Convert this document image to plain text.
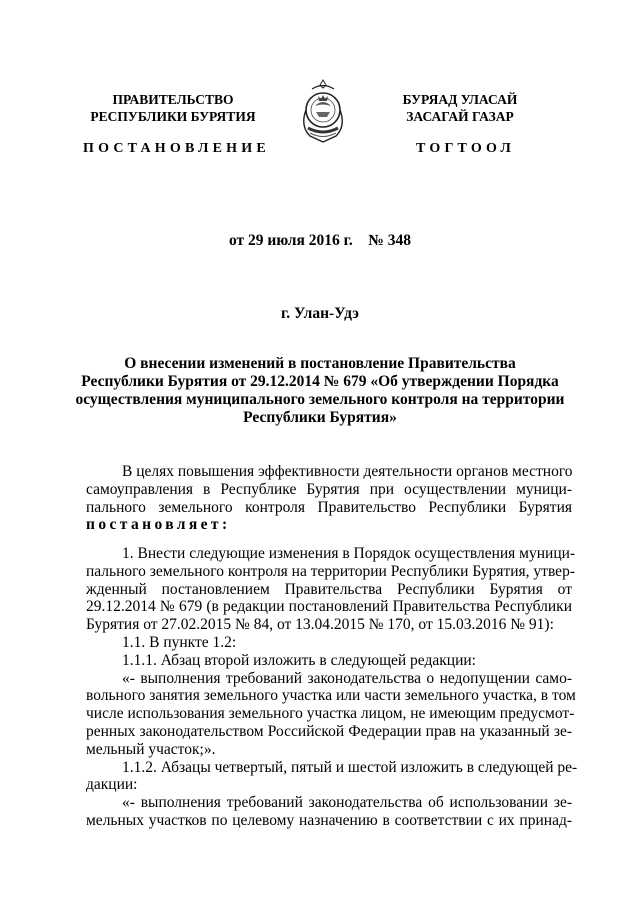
ПРАВИТЕЛЬСТВО
РЕСПУБЛИКИ БУРЯТИЯ
БУРЯАД УЛАСАЙ
ЗАСАГАЙ ГАЗАР
ПОСТАНОВЛЕНИЕ	ТОГТООЛ
от 29 июля 2016 г.    № 348
г. Улан-Удэ
О внесении изменений в постановление Правительства
Республики Бурятия от 29.12.2014 № 679 «Об утверждении Порядка
осуществления муниципального земельного контроля на территории
Республики Бурятия»
В целях повышения эффективности деятельности органов местного
самоуправления в Республике Бурятия при осуществлении муници-
пального земельного контроля Правительство Республики Бурятия
постановляет:
1. Внести следующие изменения в Порядок осуществления муници-
пального земельного контроля на территории Республики Бурятия, утвер-
жденный постановлением Правительства Республики Бурятия от
29.12.2014 № 679 (в редакции постановлений Правительства Республики
Бурятия от 27.02.2015 № 84, от 13.04.2015 № 170, от 15.03.2016 № 91):
1.1. В пункте 1.2:
1.1.1. Абзац второй изложить в следующей редакции:
«- выполнения требований законодательства о недопущении само-
вольного занятия земельного участка или части земельного участка, в том
числе использования земельного участка лицом, не имеющим предусмот-
ренных законодательством Российской Федерации прав на указанный зе-
мельный участок;».
1.1.2. Абзацы четвертый, пятый и шестой изложить в следующей ре-
дакции:
«- выполнения требований законодательства об использовании зе-
мельных участков по целевому назначению в соответствии с их принад-
